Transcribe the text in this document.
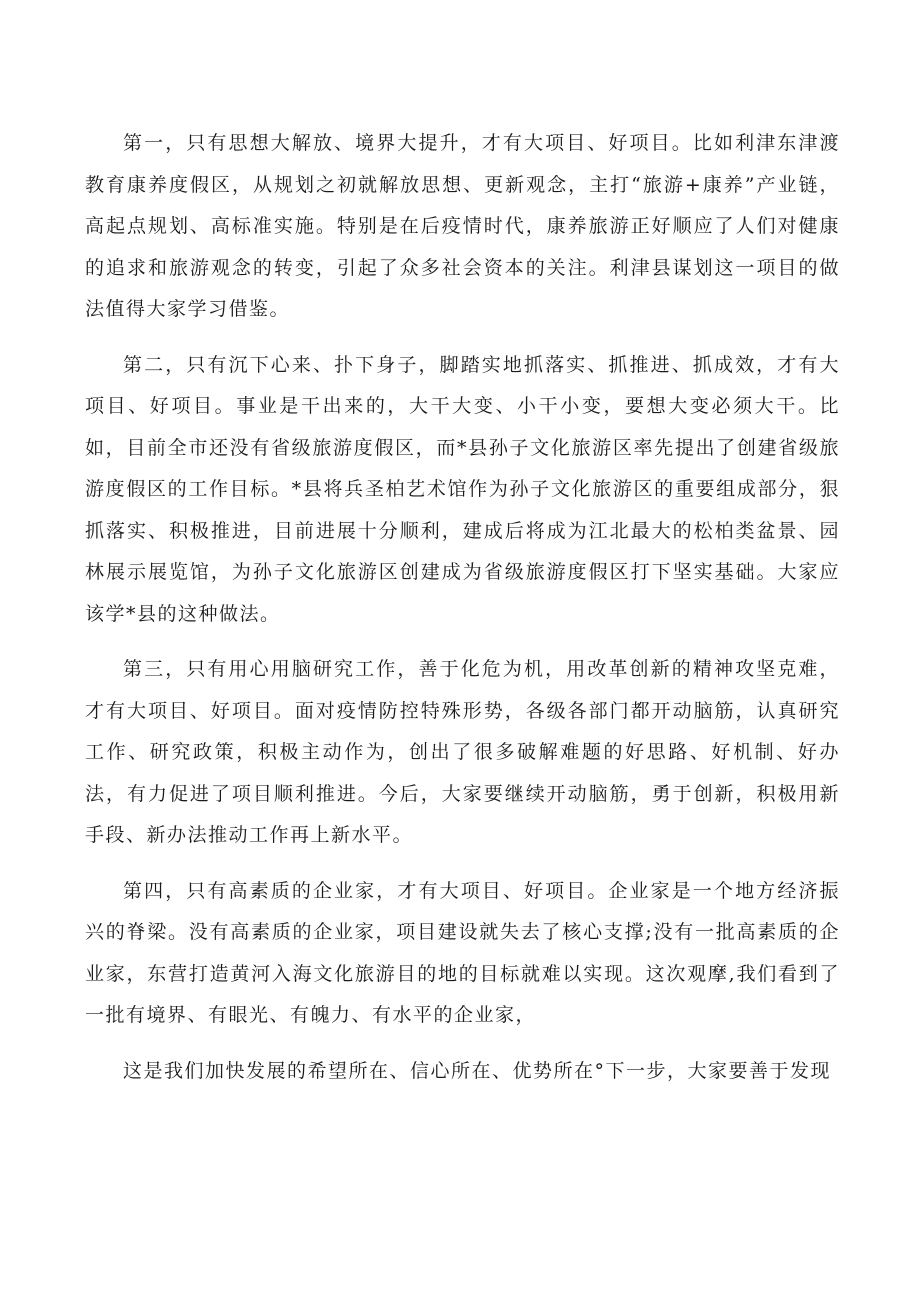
第一，只有思想大解放、境界大提升，才有大项目、好项目。比如利津东津渡教育康养度假区，从规划之初就解放思想、更新观念，主打“旅游+康养”产业链，高起点规划、高标准实施。特别是在后疫情时代，康养旅游正好顺应了人们对健康的追求和旅游观念的转变，引起了众多社会资本的关注。利津县谋划这一项目的做法值得大家学习借鉴。

第二，只有沉下心来、扑下身子，脚踏实地抓落实、抓推进、抓成效，才有大项目、好项目。事业是干出来的，大干大变、小干小变，要想大变必须大干。比如，目前全市还没有省级旅游度假区，而*县孙子文化旅游区率先提出了创建省级旅游度假区的工作目标。*县将兵圣柏艺术馆作为孙子文化旅游区的重要组成部分，狠抓落实、积极推进，目前进展十分顺利，建成后将成为江北最大的松柏类盆景、园林展示展览馆，为孙子文化旅游区创建成为省级旅游度假区打下坚实基础。大家应该学*县的这种做法。

第三，只有用心用脑研究工作，善于化危为机，用改革创新的精神攻坚克难，才有大项目、好项目。面对疫情防控特殊形势，各级各部门都开动脑筋，认真研究工作、研究政策，积极主动作为，创出了很多破解难题的好思路、好机制、好办法，有力促进了项目顺利推进。今后，大家要继续开动脑筋，勇于创新，积极用新手段、新办法推动工作再上新水平。

第四，只有高素质的企业家，才有大项目、好项目。企业家是一个地方经济振兴的脊梁。没有高素质的企业家，项目建设就失去了核心支撑;没有一批高素质的企业家，东营打造黄河入海文化旅游目的地的目标就难以实现。这次观摩,我们看到了一批有境界、有眼光、有魄力、有水平的企业家，

这是我们加快发展的希望所在、信心所在、优势所在°下一步，大家要善于发现
